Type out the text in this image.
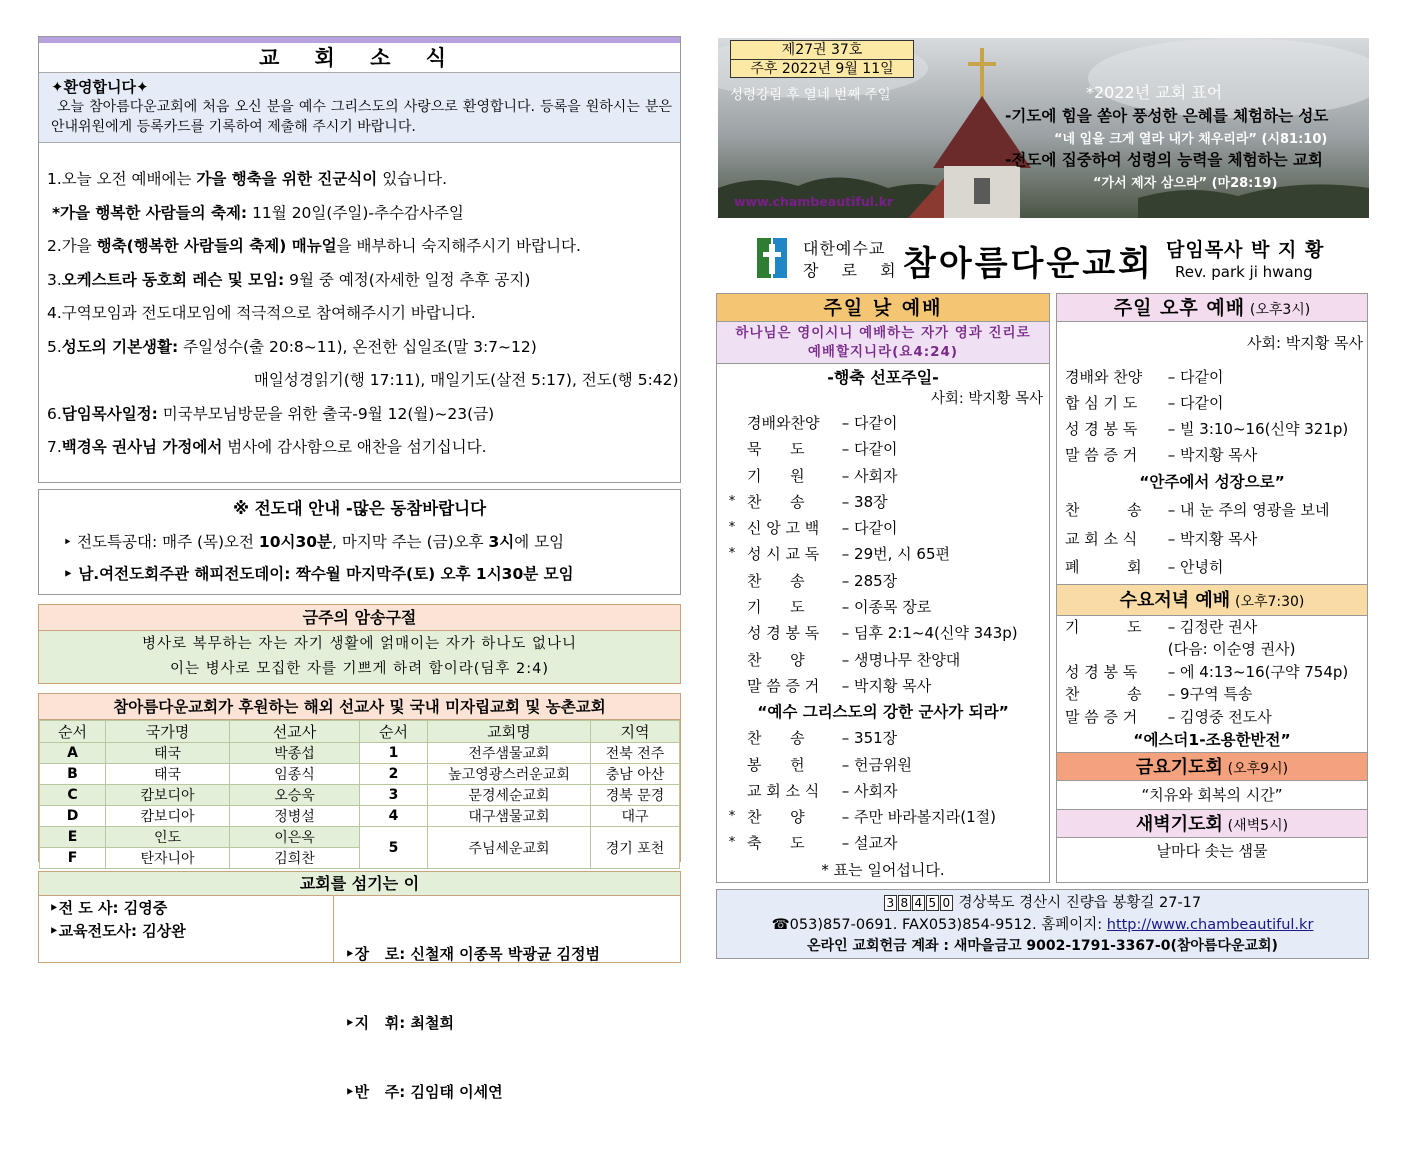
교 회 소 식
✦환영합니다✦

오늘 참아름다운교회에 처음 오신 분을 예수 그리스도의 사랑으로 환영합니다. 등록을 원하시는 분은 안내위원에게 등록카드를 기록하여 제출해 주시기 바랍니다.

1.오늘 오전 예배에는 가을 행축을 위한 진군식이 있습니다.
*가을 행복한 사람들의 축제: 11월 20일(주일)-추수감사주일
2.가을 행축(행복한 사람들의 축제) 매뉴얼을 배부하니 숙지해주시기 바랍니다.
3.오케스트라 동호회 레슨 및 모임: 9월 중 예정(자세한 일정 추후 공지)
4.구역모임과 전도대모임에 적극적으로 참여해주시기 바랍니다.
5.성도의 기본생활: 주일성수(출 20:8~11), 온전한 십일조(말 3:7~12)
매일성경읽기(행 17:11), 매일기도(살전 5:17), 전도(행 5:42)
6.담임목사일정: 미국부모님방문을 위한 출국-9월 12(월)~23(금)
7.백경옥 권사님 가정에서 범사에 감사함으로 애찬을 섬기십니다.
※ 전도대 안내 -많은 동참바랍니다
‣ 전도특공대: 매주 (목)오전 10시30분, 마지막 주는 (금)오후 3시에 모임
‣ 남.여전도회주관 해피전도데이: 짝수월 마지막주(토) 오후 1시30분 모임
금주의 암송구절
병사로 복무하는 자는 자기 생활에 얽매이는 자가 하나도 없나니
이는 병사로 모집한 자를 기쁘게 하려 함이라(딤후 2:4)
참아름다운교회가 후원하는 해외 선교사 및 국내 미자립교회 및 농촌교회
순서	국가명	선교사	순서	교회명	지역
A	태국	박종섭	1	전주샘물교회	전북 전주
B	태국	임종식	2	높고영광스러운교회	충남 아산
C	캄보디아	오승욱	3	문경세순교회	경북 문경
D	캄보디아	정병설	4	대구샘물교회	대구
E	인도	이은옥	5	주님세운교회	경기 포천
F	탄자니아	김희찬			
교회를 섬기는 이
‣전 도 사: 김영중
‣교육전도사: 김상완

‣장   로: 신철재 이종목 박광균 김정범

‣지   휘: 최철희

‣반   주: 김임태 이세연

제27권 37호
주후 2022년 9월 11일
성령강림 후 열네 번째 주일	*2022년 교회 표어
-기도에 힘을 쏟아 풍성한 은혜를 체험하는 성도
“네 입을 크게 열라 내가 채우리라” (시81:10)
-전도에 집중하여 성령의 능력을 체험하는 교회
“가서 제자 삼으라” (마28:19)
www.chambeautiful.kr
대한예수교
장 로 회
참아름다운교회 담임목사 박 지 황
Rev. park ji hwang
주일 낮 예배
하나님은 영이시니 예배하는 자가 영과 진리로 예배할지니라(요4:24)
-행축 선포주일-
사회: 박지황 목사
경배와찬양	– 다같이
묵      도	– 다같이
기      원	– 사회자
* 찬      송	– 38장
* 신 앙 고 백	– 다같이
* 성 시 교 독	– 29번, 시 65편
찬      송	– 285장
기      도	– 이종목 장로
성 경 봉 독	– 딤후 2:1~4(신약 343p)
찬      양	– 생명나무 찬양대
말 씀 증 거	– 박지황 목사
“예수 그리스도의 강한 군사가 되라”
찬      송	– 351장
봉      헌	– 헌금위원
교 회 소 식	– 사회자
* 찬      양	– 주만 바라볼지라(1절)
* 축      도	– 설교자
* 표는 일어섭니다.
주일 오후 예배 (오후3시)
사회: 박지황 목사
경배와 찬양	– 다같이
합 심 기 도	– 다같이
성 경 봉 독	– 빌 3:10~16(신약 321p)
말 씀 증 거	– 박지황 목사
“안주에서 성장으로”
찬          송	– 내 눈 주의 영광을 보네
교 회 소 식	– 박지황 목사
폐          회	– 안녕히
수요저녁 예배 (오후7:30)
기          도	– 김정란 권사
(다음: 이순영 권사)
성 경 봉 독	– 에 4:13~16(구약 754p)
찬          송	– 9구역 특송
말 씀 증 거	– 김영중 전도사
“에스더1-조용한반전”
금요기도회 (오후9시)
“치유와 회복의 시간”
새벽기도회 (새벽5시)
날마다 솟는 샘물
3 8 4 5 0 경상북도 경산시 진량읍 봉황길 27-17
☎053)857-0691. FAX053)854-9512. 홈페이지: http://www.chambeautiful.kr
온라인 교회헌금 계좌 : 새마을금고 9002-1791-3367-0(참아름다운교회)
